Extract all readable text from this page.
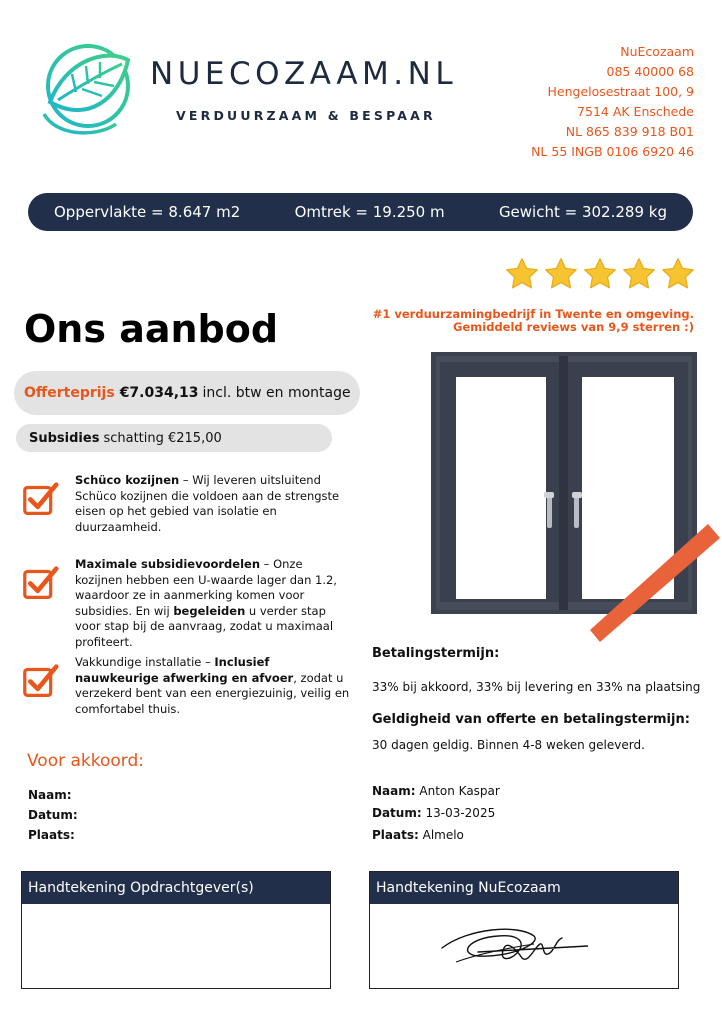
NUECOZAAM.NL
VERDUURZAAM & BESPAAR
NuEcozaam
085 40000 68
Hengelosestraat 100, 9
7514 AK Enschede
NL 865 839 918 B01
NL 55 INGB 0106 6920 46
Oppervlakte = 8.647 m2	Omtrek = 19.250 m	Gewicht = 302.289 kg
#1 verduurzamingbedrijf in Twente en omgeving.
Gemiddeld reviews van 9,9 sterren :)
Ons aanbod
Offerteprijs €7.034,13 incl. btw en montage
Subsidies schatting €215,00
Schüco kozijnen – Wij leveren uitsluitend Schüco kozijnen die voldoen aan de strengste eisen op het gebied van isolatie en duurzaamheid.
Maximale subsidievoordelen – Onze kozijnen hebben een U-waarde lager dan 1.2, waardoor ze in aanmerking komen voor subsidies. En wij begeleiden u verder stap voor stap bij de aanvraag, zodat u maximaal profiteert.
Vakkundige installatie – Inclusief nauwkeurige afwerking en afvoer, zodat u verzekerd bent van een energiezuinig, veilig en comfortabel thuis.
Voor akkoord:
Naam:
Datum:
Plaats:
Betalingstermijn:
33% bij akkoord, 33% bij levering en 33% na plaatsing
Geldigheid van offerte en betalingstermijn:
30 dagen geldig. Binnen 4-8 weken geleverd.
Naam: Anton Kaspar
Datum: 13-03-2025
Plaats: Almelo
Handtekening Opdrachtgever(s)	Handtekening NuEcozaam
